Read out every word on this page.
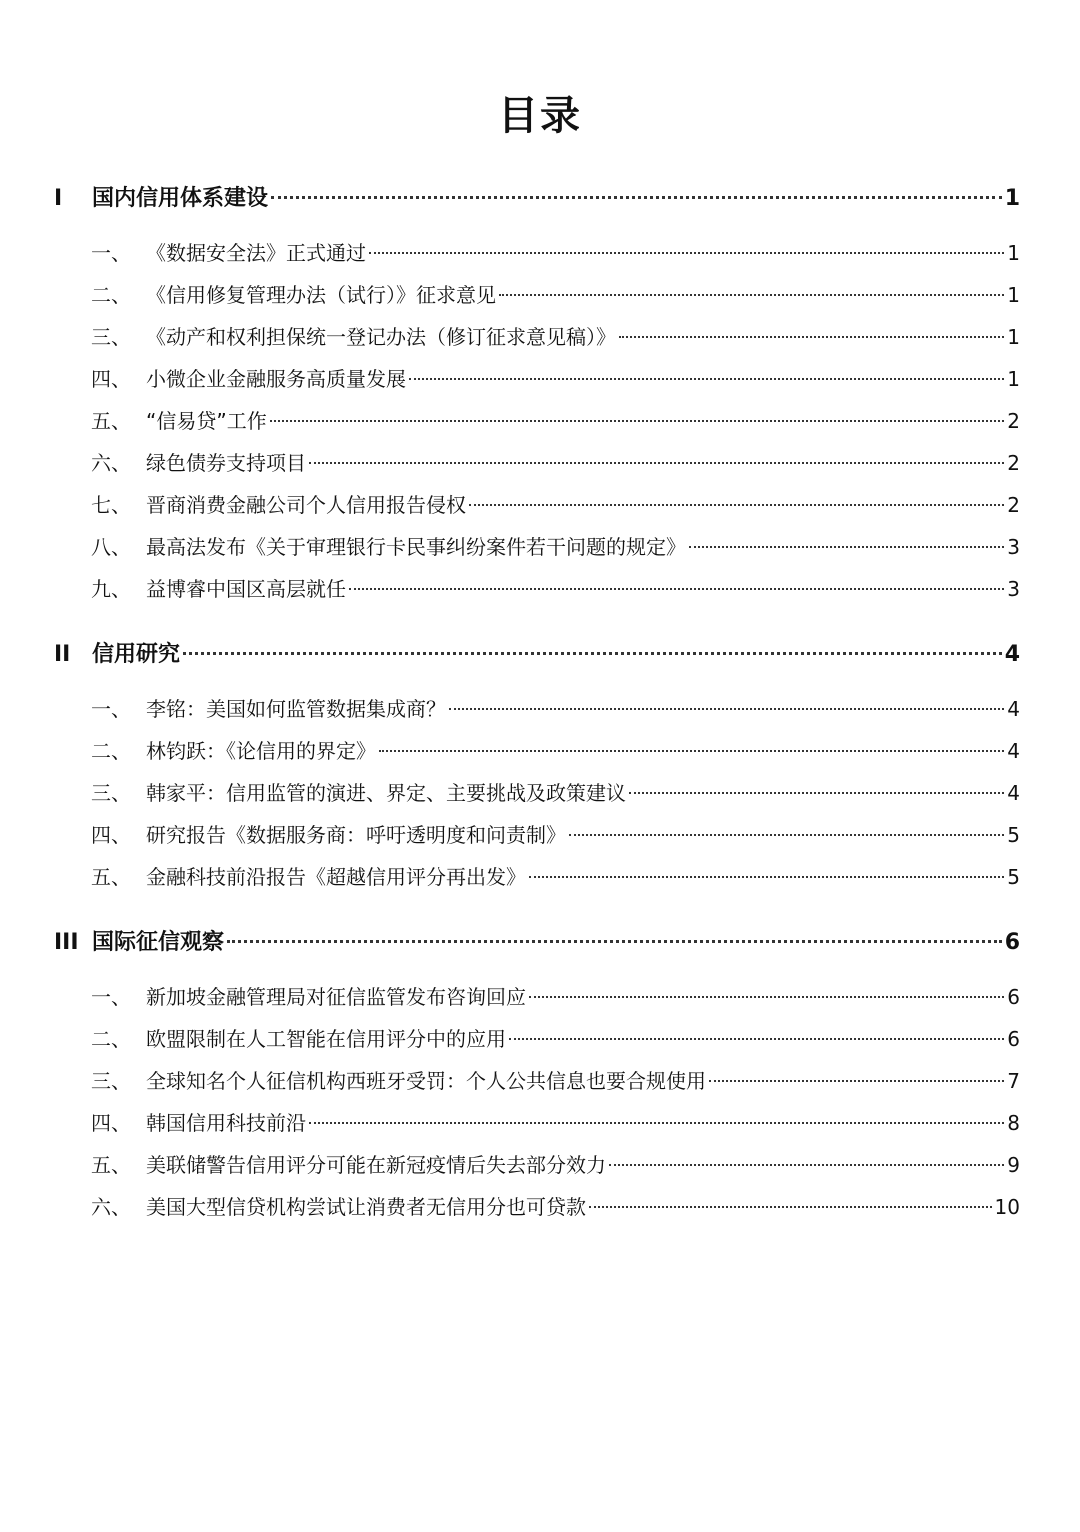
目录
I	国内信用体系建设	1
一、 《数据安全法》正式通过	1
二、 《信用修复管理办法（试行）》征求意见	1
三、 《动产和权利担保统一登记办法（修订征求意见稿）》	1
四、 小微企业金融服务高质量发展	1
五、 “信易贷”工作	2
六、 绿色债券支持项目	2
七、 晋商消费金融公司个人信用报告侵权	2
八、 最高法发布《关于审理银行卡民事纠纷案件若干问题的规定》	3
九、 益博睿中国区高层就任	3
II 信用研究	4
一、 李铭：美国如何监管数据集成商？	4
二、 林钧跃：《论信用的界定》	4
三、 韩家平：信用监管的演进、界定、主要挑战及政策建议	4
四、 研究报告《数据服务商：呼吁透明度和问责制》	5
五、 金融科技前沿报告《超越信用评分再出发》	5
III 国际征信观察	6
一、 新加坡金融管理局对征信监管发布咨询回应	6
二、 欧盟限制在人工智能在信用评分中的应用	6
三、 全球知名个人征信机构西班牙受罚：个人公共信息也要合规使用	7
四、 韩国信用科技前沿	8
五、 美联储警告信用评分可能在新冠疫情后失去部分效力	9
六、 美国大型信贷机构尝试让消费者无信用分也可贷款	10
